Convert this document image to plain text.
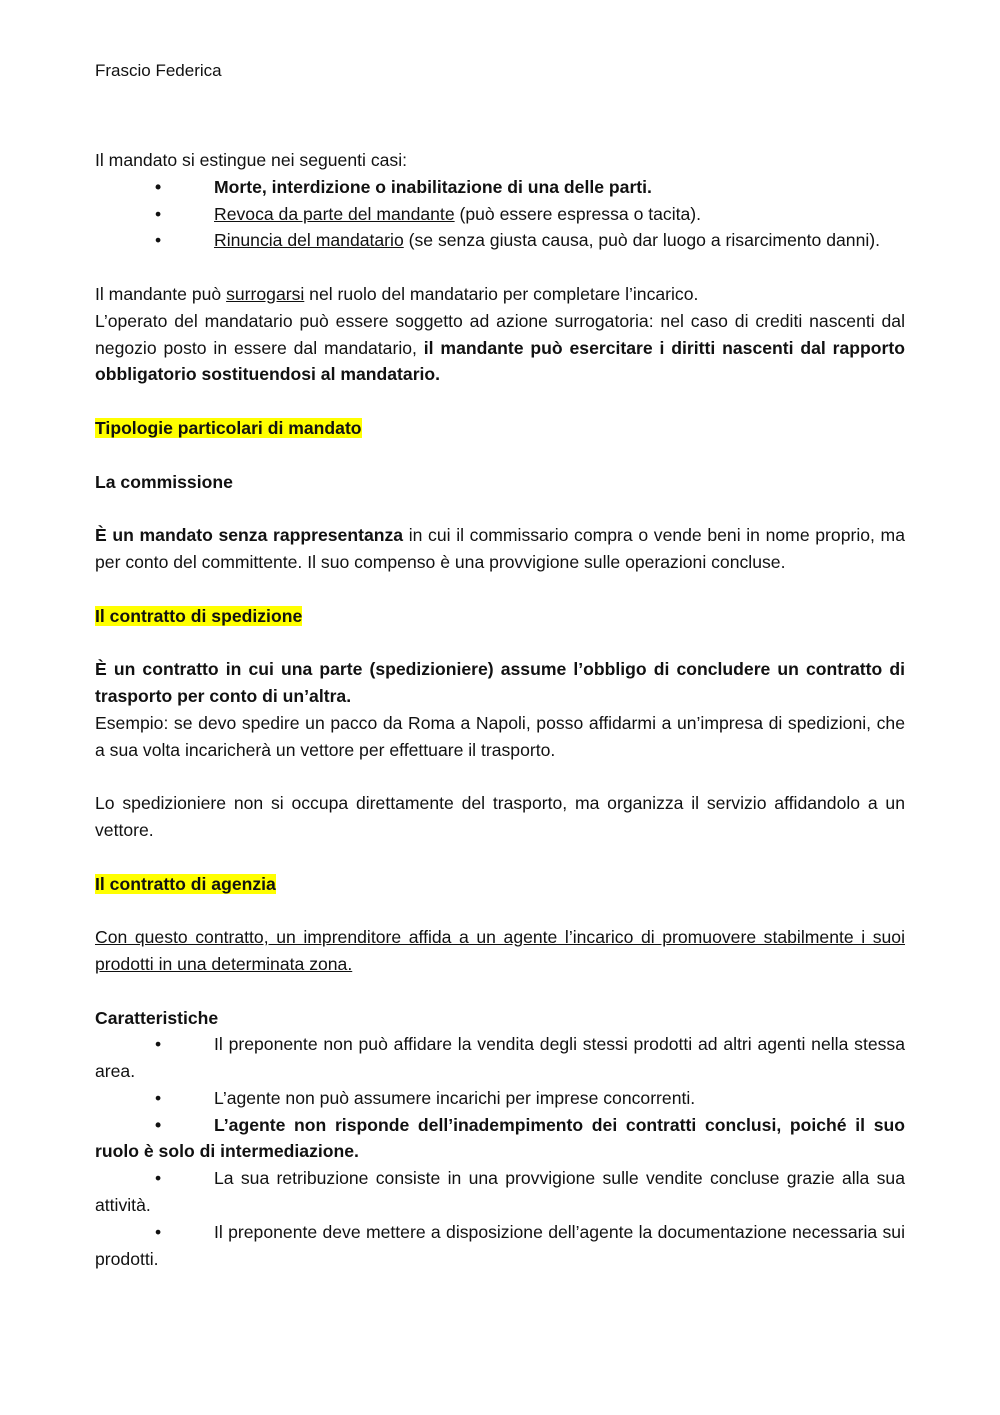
Frascio Federica

Il mandato si estingue nei seguenti casi:

•	Morte, interdizione o inabilitazione di una delle parti.

•	Revoca da parte del mandante (può essere espressa o tacita).

•	Rinuncia del mandatario (se senza giusta causa, può dar luogo a risarcimento danni).

Il mandante può surrogarsi nel ruolo del mandatario per completare l’incarico.

L’operato del mandatario può essere soggetto ad azione surrogatoria: nel caso di crediti nascenti dal negozio posto in essere dal mandatario, il mandante può esercitare i diritti nascenti dal rapporto obbligatorio sostituendosi al mandatario.

Tipologie particolari di mandato

La commissione

È un mandato senza rappresentanza in cui il commissario compra o vende beni in nome proprio, ma per conto del committente. Il suo compenso è una provvigione sulle operazioni concluse.

Il contratto di spedizione

È un contratto in cui una parte (spedizioniere) assume l’obbligo di concludere un contratto di trasporto per conto di un’altra.

Esempio: se devo spedire un pacco da Roma a Napoli, posso affidarmi a un’impresa di spedizioni, che a sua volta incaricherà un vettore per effettuare il trasporto.

Lo spedizioniere non si occupa direttamente del trasporto, ma organizza il servizio affidandolo a un vettore.

Il contratto di agenzia

Con questo contratto, un imprenditore affida a un agente l’incarico di promuovere stabilmente i suoi prodotti in una determinata zona.

Caratteristiche

•	Il preponente non può affidare la vendita degli stessi prodotti ad altri agenti nella stessa area.

•	L’agente non può assumere incarichi per imprese concorrenti.

•	L’agente non risponde dell’inadempimento dei contratti conclusi, poiché il suo ruolo è solo di intermediazione.

•	La sua retribuzione consiste in una provvigione sulle vendite concluse grazie alla sua attività.

•	Il preponente deve mettere a disposizione dell’agente la documentazione necessaria sui prodotti.
